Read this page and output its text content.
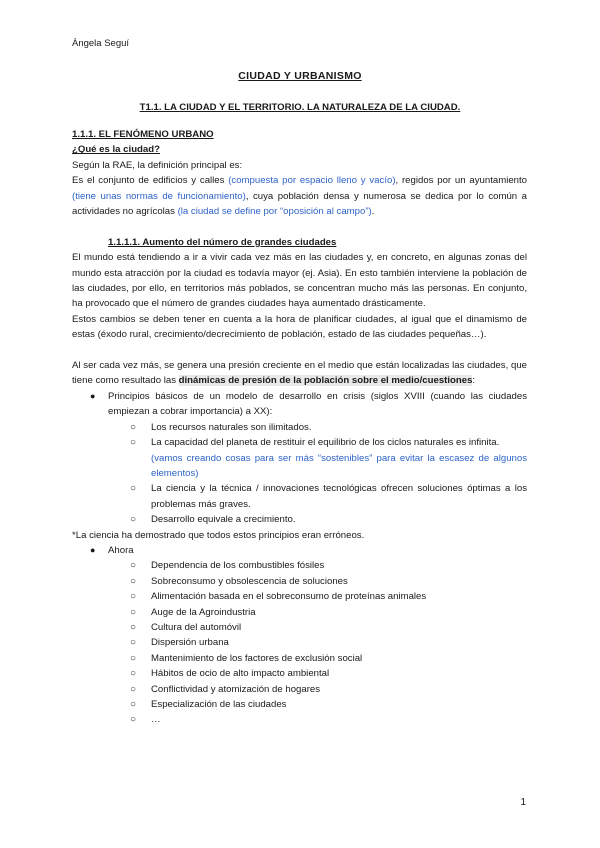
Àngela Seguí
CIUDAD Y URBANISMO
T1.1. LA CIUDAD Y EL TERRITORIO. LA NATURALEZA DE LA CIUDAD.
1.1.1. EL FENÓMENO URBANO
¿Qué es la ciudad?
Según la RAE, la definición principal es:
Es el conjunto de edificios y calles (compuesta por espacio lleno y vacío), regidos por un ayuntamiento (tiene unas normas de funcionamiento), cuya población densa y numerosa se dedica por lo común a actividades no agrícolas (la ciudad se define por “oposición al campo”).
1.1.1.1. Aumento del número de grandes ciudades
El mundo está tendiendo a ir a vivir cada vez más en las ciudades y, en concreto, en algunas zonas del mundo esta atracción por la ciudad es todavía mayor (ej. Asia). En esto también interviene la población de las ciudades, por ello, en territorios más poblados, se concentran mucho más las personas. En conjunto, ha provocado que el número de grandes ciudades haya aumentado drásticamente.
Estos cambios se deben tener en cuenta a la hora de planificar ciudades, al igual que el dinamismo de estas (éxodo rural, crecimiento/decrecimiento de población, estado de las ciudades pequeñas…).
Al ser cada vez más, se genera una presión creciente en el medio que están localizadas las ciudades, que tiene como resultado las dinámicas de presión de la población sobre el medio/cuestiones:
● Principios básicos de un modelo de desarrollo en crisis (siglos XVIII (cuando las ciudades empiezan a cobrar importancia) a XX):
○ Los recursos naturales son ilimitados.
○ La capacidad del planeta de restituir el equilibrio de los ciclos naturales es infinita.
(vamos creando cosas para ser más “sostenibles” para evitar la escasez de algunos elementos)
○ La ciencia y la técnica / innovaciones tecnológicas ofrecen soluciones óptimas a los problemas más graves.
○ Desarrollo equivale a crecimiento.
*La ciencia ha demostrado que todos estos principios eran erróneos.
● Ahora
○ Dependencia de los combustibles fósiles
○ Sobreconsumo y obsolescencia de soluciones
○ Alimentación basada en el sobreconsumo de proteínas animales
○ Auge de la Agroindustria
○ Cultura del automóvil
○ Dispersión urbana
○ Mantenimiento de los factores de exclusión social
○ Hábitos de ocio de alto impacto ambiental
○ Conflictividad y atomización de hogares
○ Especialización de las ciudades
○ …
1
